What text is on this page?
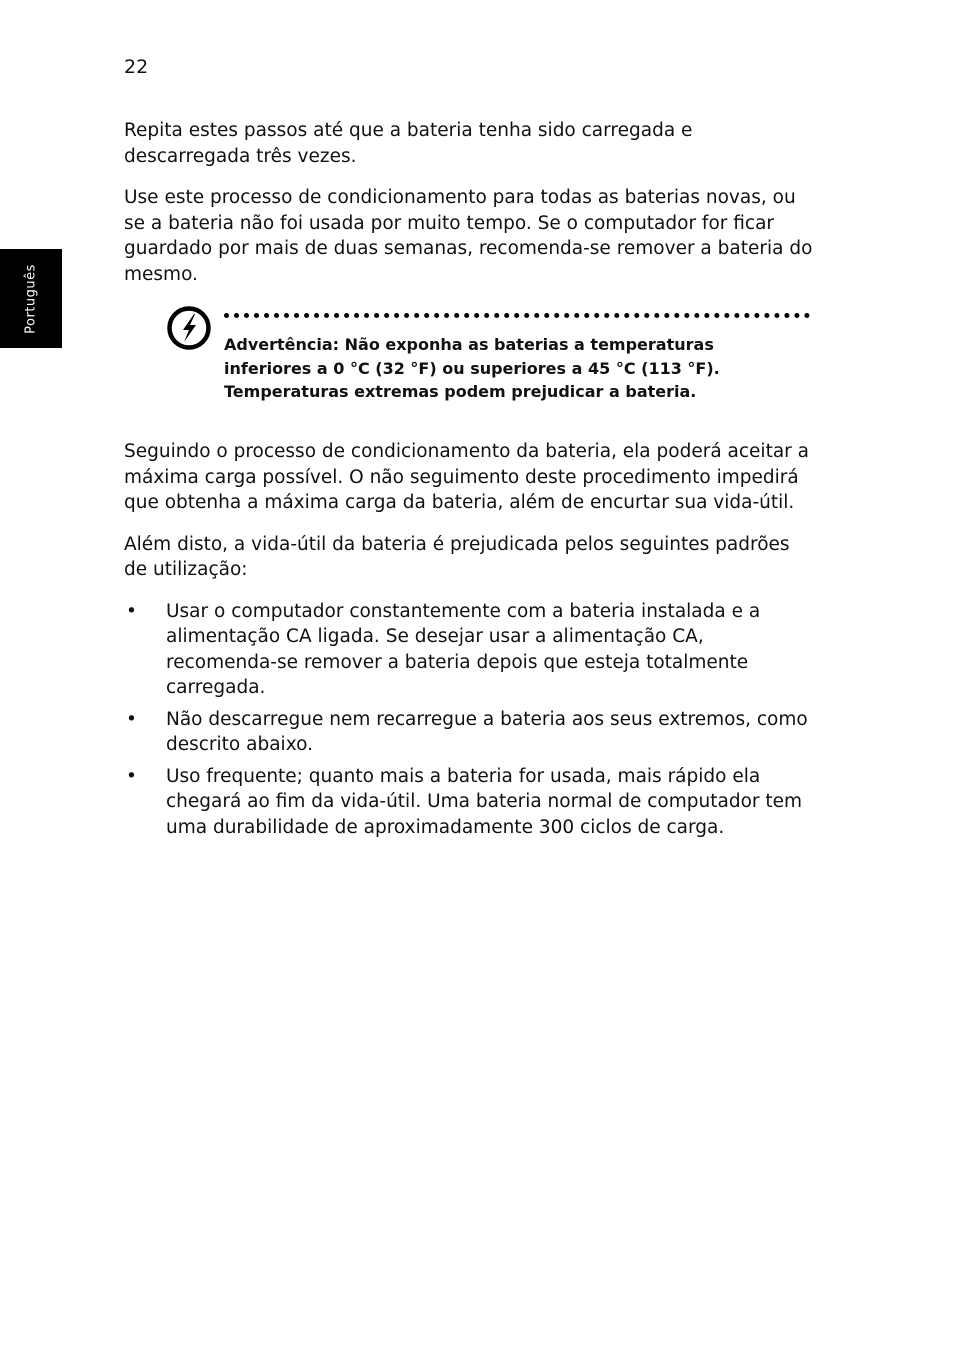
22
Português

Repita estes passos até que a bateria tenha sido carregada e descarregada três vezes.

Use este processo de condicionamento para todas as baterias novas, ou se a bateria não foi usada por muito tempo. Se o computador for ficar guardado por mais de duas semanas, recomenda-se remover a bateria do mesmo.

Advertência: Não exponha as baterias a temperaturas inferiores a 0 °C (32 °F) ou superiores a 45 °C (113 °F). Temperaturas extremas podem prejudicar a bateria.

Seguindo o processo de condicionamento da bateria, ela poderá aceitar a máxima carga possível. O não seguimento deste procedimento impedirá que obtenha a máxima carga da bateria, além de encurtar sua vida-útil.

Além disto, a vida-útil da bateria é prejudicada pelos seguintes padrões de utilização:

• Usar o computador constantemente com a bateria instalada e a alimentação CA ligada. Se desejar usar a alimentação CA, recomenda-se remover a bateria depois que esteja totalmente carregada.
• Não descarregue nem recarregue a bateria aos seus extremos, como descrito abaixo.
• Uso frequente; quanto mais a bateria for usada, mais rápido ela chegará ao fim da vida-útil. Uma bateria normal de computador tem uma durabilidade de aproximadamente 300 ciclos de carga.
